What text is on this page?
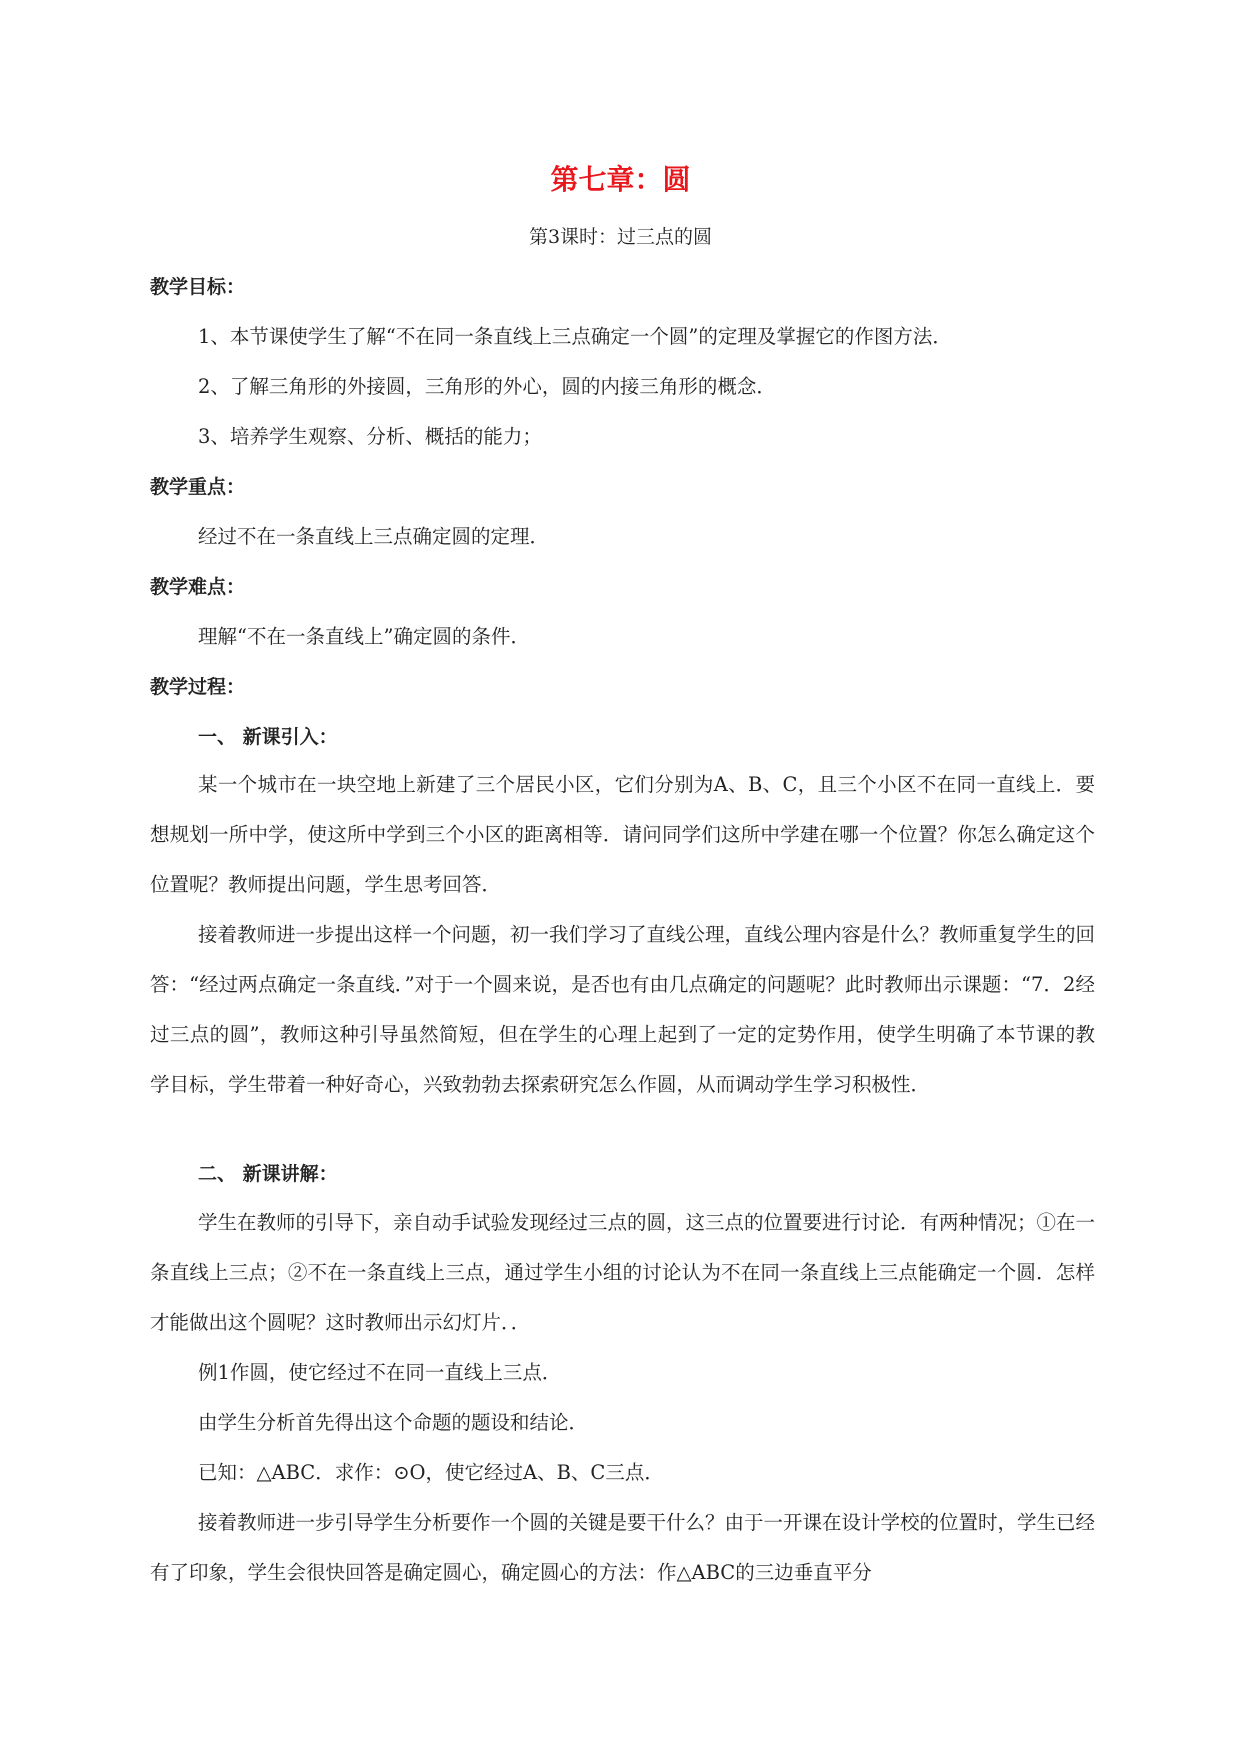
第七章：圆
第3课时：过三点的圆
教学目标：
1、本节课使学生了解“不在同一条直线上三点确定一个圆”的定理及掌握它的作图方法．
2、了解三角形的外接圆，三角形的外心，圆的内接三角形的概念．
3、培养学生观察、分析、概括的能力；
教学重点：
经过不在一条直线上三点确定圆的定理．
教学难点：
理解“不在一条直线上”确定圆的条件．
教学过程：
一、 新课引入：
某一个城市在一块空地上新建了三个居民小区，它们分别为A、B、C，且三个小区不在同一直线上．要想规划一所中学，使这所中学到三个小区的距离相等．请问同学们这所中学建在哪一个位置？你怎么确定这个位置呢？教师提出问题，学生思考回答．
接着教师进一步提出这样一个问题，初一我们学习了直线公理，直线公理内容是什么？教师重复学生的回答：“经过两点确定一条直线．”对于一个圆来说，是否也有由几点确定的问题呢？此时教师出示课题：“7．2经过三点的圆”，教师这种引导虽然简短，但在学生的心理上起到了一定的定势作用，使学生明确了本节课的教学目标，学生带着一种好奇心，兴致勃勃去探索研究怎么作圆，从而调动学生学习积极性．
二、 新课讲解：
学生在教师的引导下，亲自动手试验发现经过三点的圆，这三点的位置要进行讨论．有两种情况；①在一条直线上三点；②不在一条直线上三点，通过学生小组的讨论认为不在同一条直线上三点能确定一个圆．怎样才能做出这个圆呢？这时教师出示幻灯片．．
例1作圆，使它经过不在同一直线上三点．
由学生分析首先得出这个命题的题设和结论．
已知：△ABC．求作：⊙O，使它经过A、B、C三点．
接着教师进一步引导学生分析要作一个圆的关键是要干什么？由于一开课在设计学校的位置时，学生已经有了印象，学生会很快回答是确定圆心，确定圆心的方法：作△ABC的三边垂直平分
